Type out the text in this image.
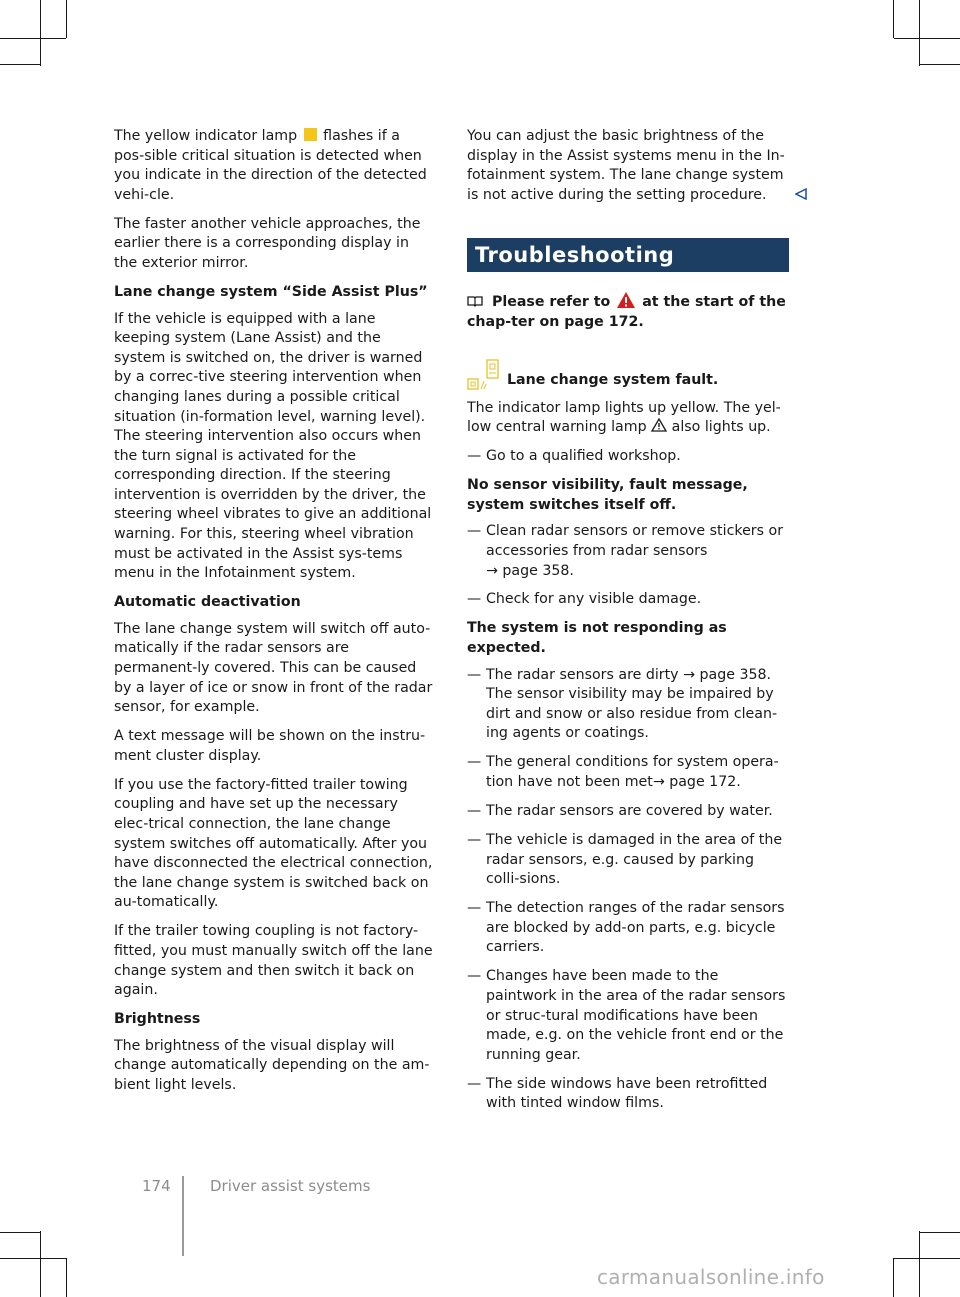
The yellow indicator lamp flashes if a pos-sible critical situation is detected when you indicate in the direction of the detected vehi-cle.

The faster another vehicle approaches, the earlier there is a corresponding display in the exterior mirror.

Lane change system “Side Assist Plus”

If the vehicle is equipped with a lane keeping system (Lane Assist) and the system is switched on, the driver is warned by a correc-tive steering intervention when changing lanes during a possible critical situation (in-formation level, warning level). The steering intervention also occurs when the turn signal is activated for the corresponding direction. If the steering intervention is overridden by the driver, the steering wheel vibrates to give an additional warning. For this, steering wheel vibration must be activated in the Assist sys-tems menu in the Infotainment system.

Automatic deactivation

The lane change system will switch off auto-matically if the radar sensors are permanent-ly covered. This can be caused by a layer of ice or snow in front of the radar sensor, for example.

A text message will be shown on the instru-ment cluster display.

If you use the factory-fitted trailer towing coupling and have set up the necessary elec-trical connection, the lane change system switches off automatically. After you have disconnected the electrical connection, the lane change system is switched back on au-tomatically.

If the trailer towing coupling is not factory-fitted, you must manually switch off the lane change system and then switch it back on again.

Brightness

The brightness of the visual display will change automatically depending on the am-bient light levels.

You can adjust the basic brightness of the display in the Assist systems menu in the In-fotainment system. The lane change system is not active during the setting procedure.

Troubleshooting

Please refer to at the start of the chap-ter on page 172.

Lane change system fault.

The indicator lamp lights up yellow. The yel-low central warning lamp also lights up.

— Go to a qualified workshop.

No sensor visibility, fault message, system switches itself off.

— Clean radar sensors or remove stickers or accessories from radar sensors
→ page 358.
— Check for any visible damage.

The system is not responding as expected.

— The radar sensors are dirty → page 358. The sensor visibility may be impaired by dirt and snow or also residue from clean-ing agents or coatings.
— The general conditions for system opera-tion have not been met→ page 172.
— The radar sensors are covered by water.
— The vehicle is damaged in the area of the radar sensors, e.g. caused by parking colli-sions.
— The detection ranges of the radar sensors are blocked by add-on parts, e.g. bicycle carriers.
— Changes have been made to the paintwork in the area of the radar sensors or struc-tural modifications have been made, e.g. on the vehicle front end or the running gear.
— The side windows have been retrofitted with tinted window films.
174	Driver assist systems
carmanualsonline.info
